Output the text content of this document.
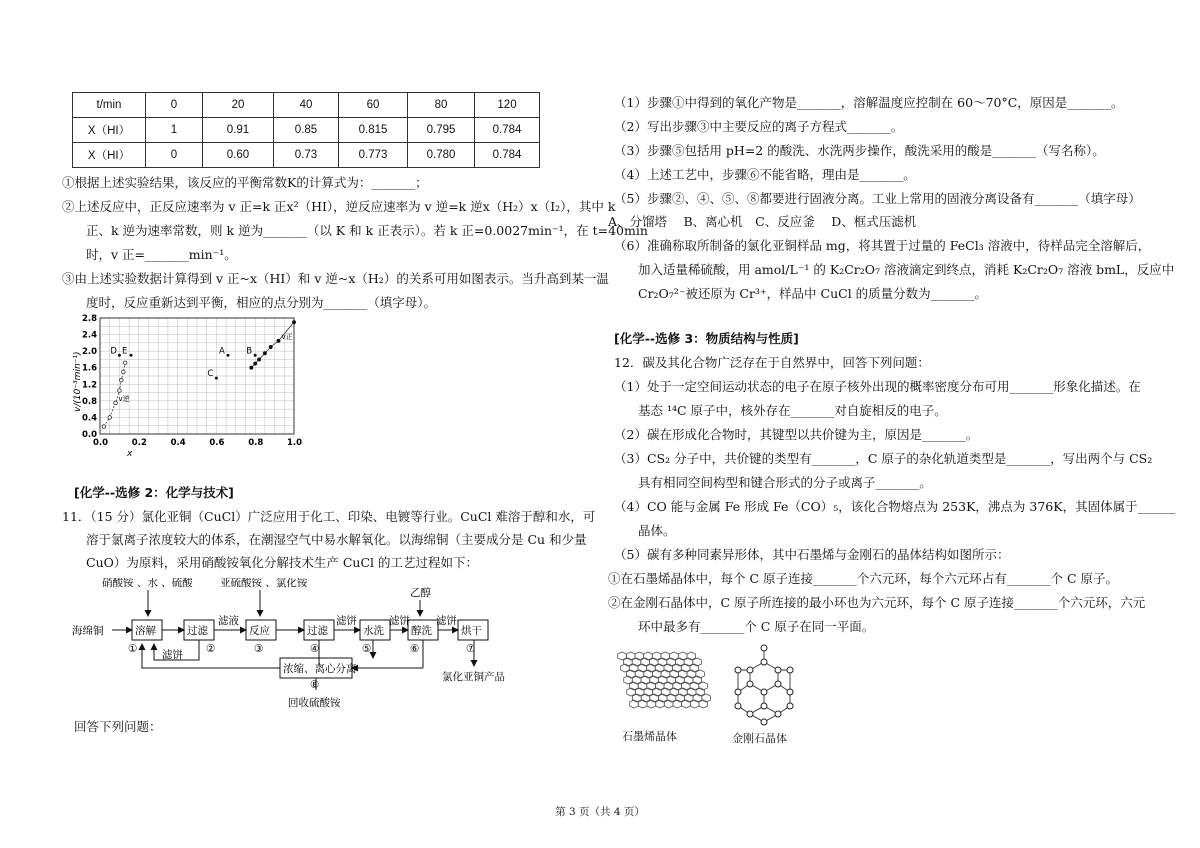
t/min	0	20	40	60	80	120
X（HI）	1	0.91	0.85	0.815	0.795	0.784
X（HI）	0	0.60	0.73	0.773	0.780	0.784
①根据上述实验结果，该反应的平衡常数K的计算式为：_______；
②上述反应中，正反应速率为 v 正=k 正x²（HI），逆反应速率为 v 逆=k 逆x（H₂）x（I₂），其中 k
正、k 逆为速率常数，则 k 逆为_______（以 K 和 k 正表示）。若 k 正=0.0027min⁻¹，在 t=40min
时，v 正=_______min⁻¹。
③由上述实验数据计算得到 v 正~x（HI）和 v 逆~x（H₂）的关系可用如图表示。当升高到某一温
度时，反应重新达到平衡，相应的点分别为_______（填字母）。
0.0	0.2	0.4	0.6	0.8	1.0
0.0
0.4
0.8
1.2
1.6
2.0
2.4
2.8
x
v/(10⁻³min⁻¹)	v逆
v正
D E	A	B
C
[化学--选修 2：化学与技术]
11．（15 分）氯化亚铜（CuCl）广泛应用于化工、印染、电镀等行业。CuCl 难溶于醇和水，可
溶于氯离子浓度较大的体系，在潮湿空气中易水解氧化。以海绵铜（主要成分是 Cu 和少量
CuO）为原料，采用硝酸铵氧化分解技术生产 CuCl 的工艺过程如下：
硝酸铵 、水 、硫酸	亚硫酸铵 、氯化铵
乙醇
海绵铜	溶解	过滤	反应	过滤	水洗	醇洗	烘干
①	②	③	④	⑤	⑥	⑦
滤液	滤饼	滤饼 滤饼
滤饼
浓缩、离心分离
⑧
回收硫酸铵
氯化亚铜产品
回答下列问题：
（1）步骤①中得到的氧化产物是_______，溶解温度应控制在 60～70°C，原因是_______。
（2）写出步骤③中主要反应的离子方程式_______。
（3）步骤⑤包括用 pH=2 的酸洗、水洗两步操作，酸洗采用的酸是_______（写名称）。
（4）上述工艺中，步骤⑥不能省略，理由是_______。
（5）步骤②、④、⑤、⑧都要进行固液分离。工业上常用的固液分离设备有_______（填字母）
A、分馏塔　 B、离心机　C、反应釜　 D、框式压滤机
（6）准确称取所制备的氯化亚铜样品 mg，将其置于过量的 FeCl₃ 溶液中，待样品完全溶解后，
加入适量稀硫酸，用 amol/L⁻¹ 的 K₂Cr₂O₇ 溶液滴定到终点，消耗 K₂Cr₂O₇ 溶液 bmL，反应中
Cr₂O₇²⁻被还原为 Cr³⁺，样品中 CuCl 的质量分数为_______。
[化学--选修 3：物质结构与性质]
12．碳及其化合物广泛存在于自然界中，回答下列问题：
（1）处于一定空间运动状态的电子在原子核外出现的概率密度分布可用_______形象化描述。在
基态 ¹⁴C 原子中，核外存在_______对自旋相反的电子。
（2）碳在形成化合物时，其键型以共价键为主，原因是_______。
（3）CS₂ 分子中，共价键的类型有_______，C 原子的杂化轨道类型是_______，写出两个与 CS₂
具有相同空间构型和键合形式的分子或离子_______。
（4）CO 能与金属 Fe 形成 Fe（CO）₅，该化合物熔点为 253K，沸点为 376K，其固体属于______
晶体。
（5）碳有多种同素异形体，其中石墨烯与金刚石的晶体结构如图所示：
①在石墨烯晶体中，每个 C 原子连接_______个六元环，每个六元环占有_______个 C 原子。
②在金刚石晶体中，C 原子所连接的最小环也为六元环，每个 C 原子连接_______个六元环，六元
环中最多有_______个 C 原子在同一平面。
石墨烯晶体	金刚石晶体
第 3 页（共 4 页）
